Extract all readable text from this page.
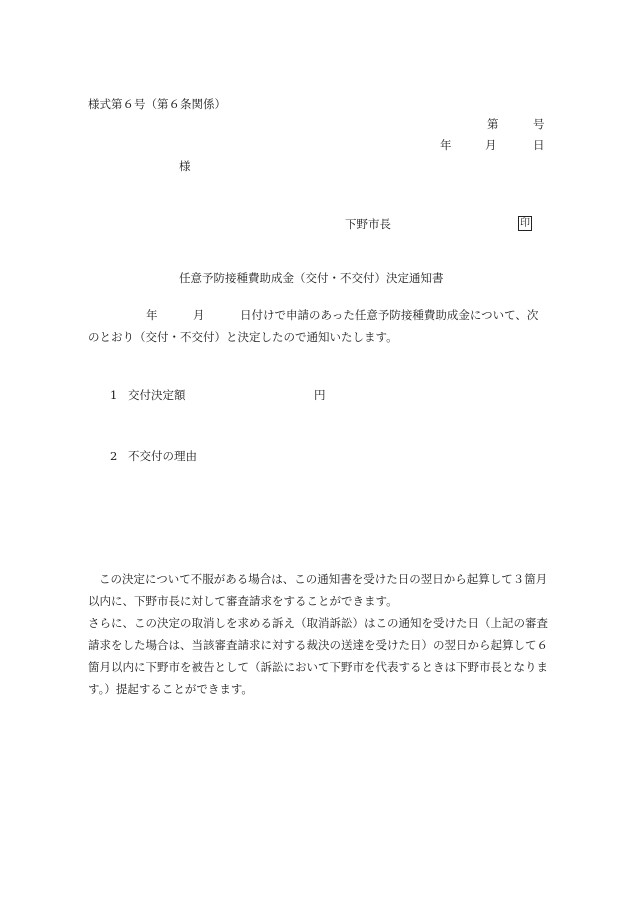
様式第６号（第６条関係）
第	号
年	月	日
様
下野市長	印
任意予防接種費助成金（交付・不交付）決定通知書
年	月	日付けで申請のあった任意予防接種費助成金について、次
のとおり（交付・不交付）と決定したので通知いたします。
1 交付決定額	円
2 不交付の理由
この決定について不服がある場合は、この通知書を受けた日の翌日から起算して３箇月以内に、下野市長に対して審査請求をすることができます。
さらに、この決定の取消しを求める訴え（取消訴訟）はこの通知を受けた日（上記の審査請求をした場合は、当該審査請求に対する裁決の送達を受けた日）の翌日から起算して６箇月以内に下野市を被告として（訴訟において下野市を代表するときは下野市長となります。）提起することができます。
